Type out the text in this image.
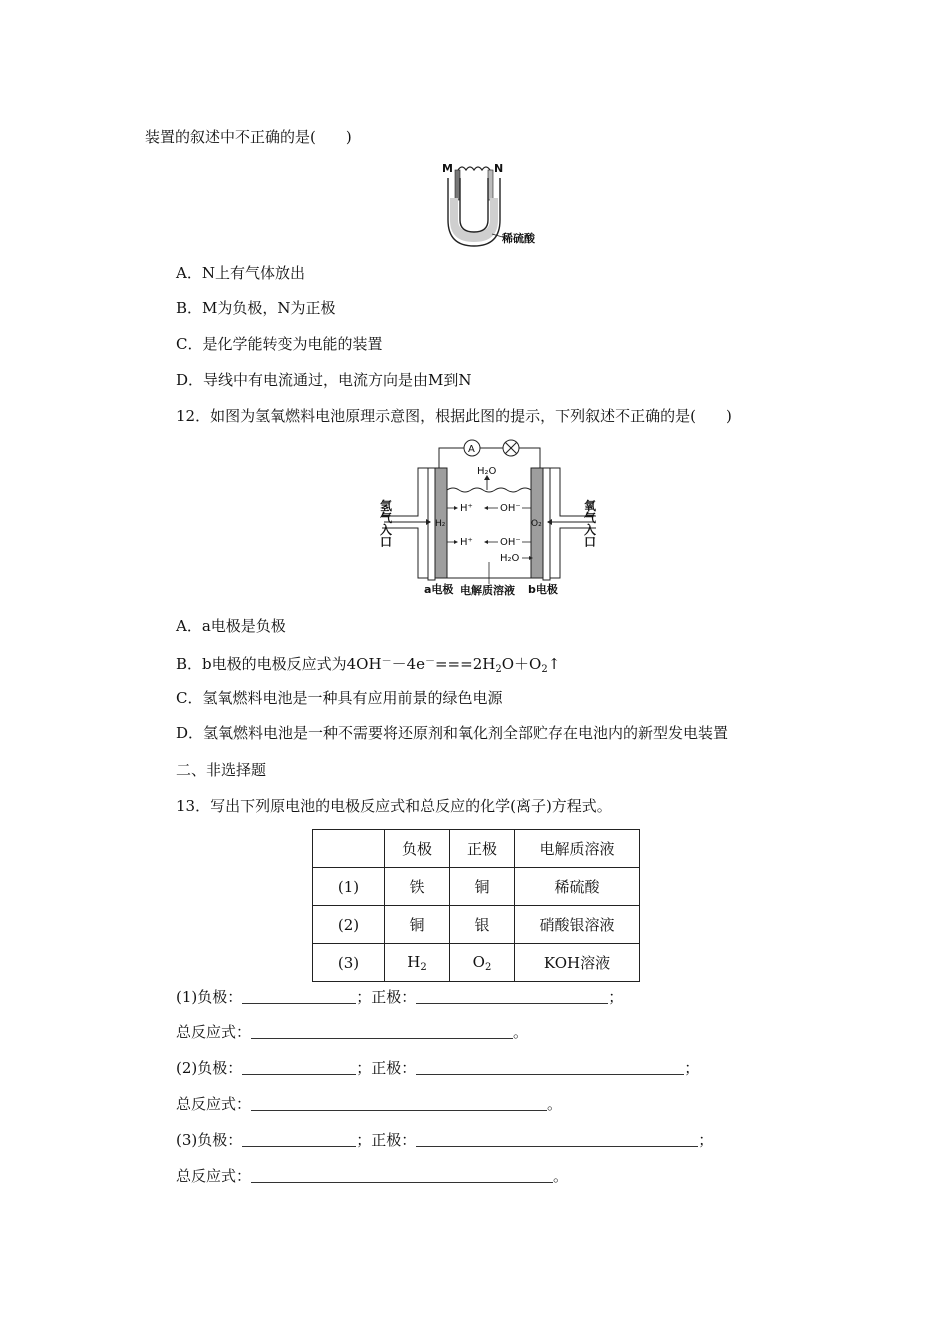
装置的叙述中不正确的是(　　)
M	N
稀硫酸
A．N上有气体放出
B．M为负极，N为正极
C．是化学能转变为电能的装置
D．导线中有电流通过，电流方向是由M到N
12．如图为氢氧燃料电池原理示意图，根据此图的提示，下列叙述不正确的是(　　)
A
H₂O
H₂	O₂
H⁺	OH⁻
H⁺	OH⁻
H₂O
a电极 电解质溶液 b电极
氢气入口
氧气入口
A．a电极是负极
B．b电极的电极反应式为$4OH^--4e^-===2H_2O+O_2↑$
C．氢氧燃料电池是一种具有应用前景的绿色电源
D．氢氧燃料电池是一种不需要将还原剂和氧化剂全部贮存在电池内的新型发电装置
二、非选择题
13．写出下列原电池的电极反应式和总反应的化学(离子)方程式。
	负极	正极	电解质溶液
(1)	铁	铜	稀硫酸
(2)	铜	银	硝酸银溶液
(3)	$H_2$	$O_2$	KOH溶液
(1)负极：	；正极：	；
总反应式：	。
(2)负极：	；正极：	；
总反应式：	。
(3)负极：	；正极：	；
总反应式：	。
